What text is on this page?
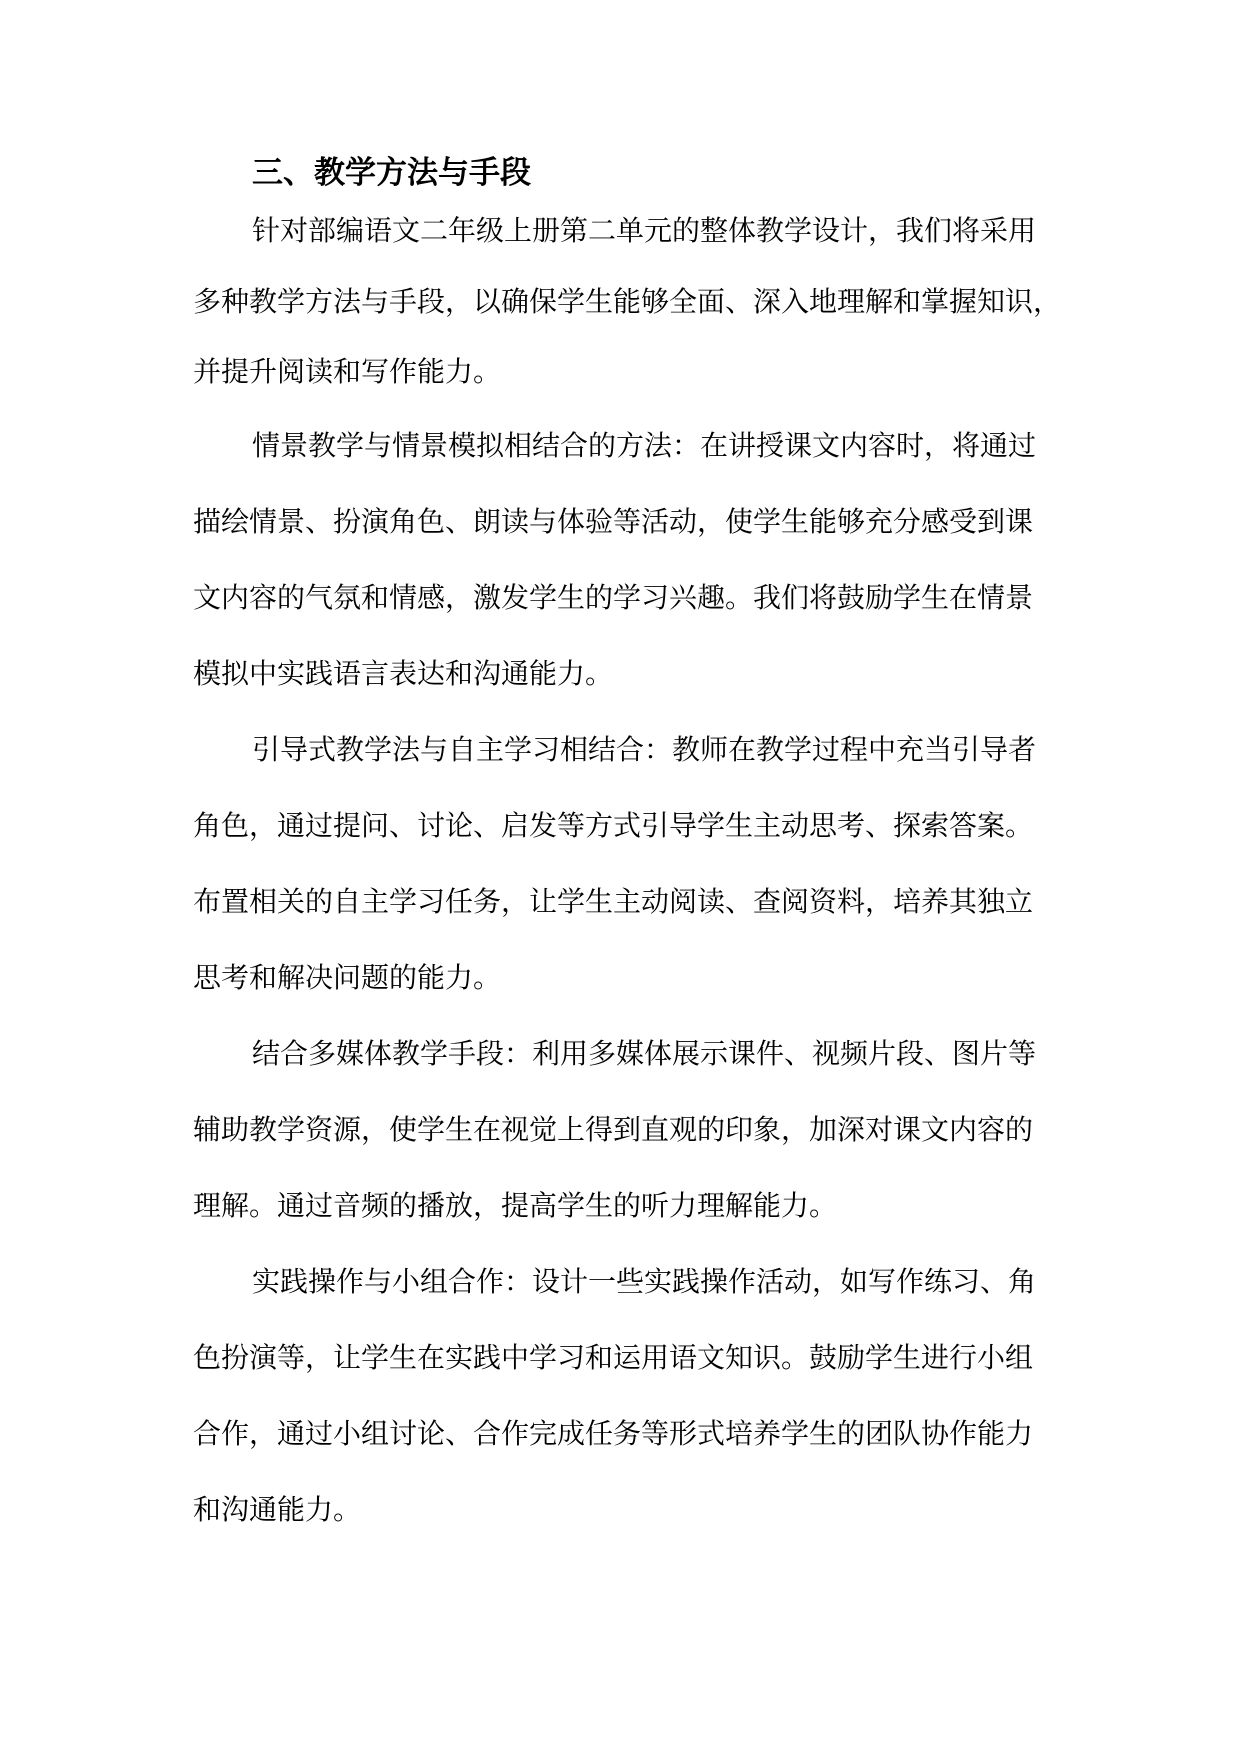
三、教学方法与手段
针对部编语文二年级上册第二单元的整体教学设计，我们将采用
多种教学方法与手段，以确保学生能够全面、深入地理解和掌握知识，
并提升阅读和写作能力。
情景教学与情景模拟相结合的方法：在讲授课文内容时，将通过
描绘情景、扮演角色、朗读与体验等活动，使学生能够充分感受到课
文内容的气氛和情感，激发学生的学习兴趣。我们将鼓励学生在情景
模拟中实践语言表达和沟通能力。
引导式教学法与自主学习相结合：教师在教学过程中充当引导者
角色，通过提问、讨论、启发等方式引导学生主动思考、探索答案。
布置相关的自主学习任务，让学生主动阅读、查阅资料，培养其独立
思考和解决问题的能力。
结合多媒体教学手段：利用多媒体展示课件、视频片段、图片等
辅助教学资源，使学生在视觉上得到直观的印象，加深对课文内容的
理解。通过音频的播放，提高学生的听力理解能力。
实践操作与小组合作：设计一些实践操作活动，如写作练习、角
色扮演等，让学生在实践中学习和运用语文知识。鼓励学生进行小组
合作，通过小组讨论、合作完成任务等形式培养学生的团队协作能力
和沟通能力。
